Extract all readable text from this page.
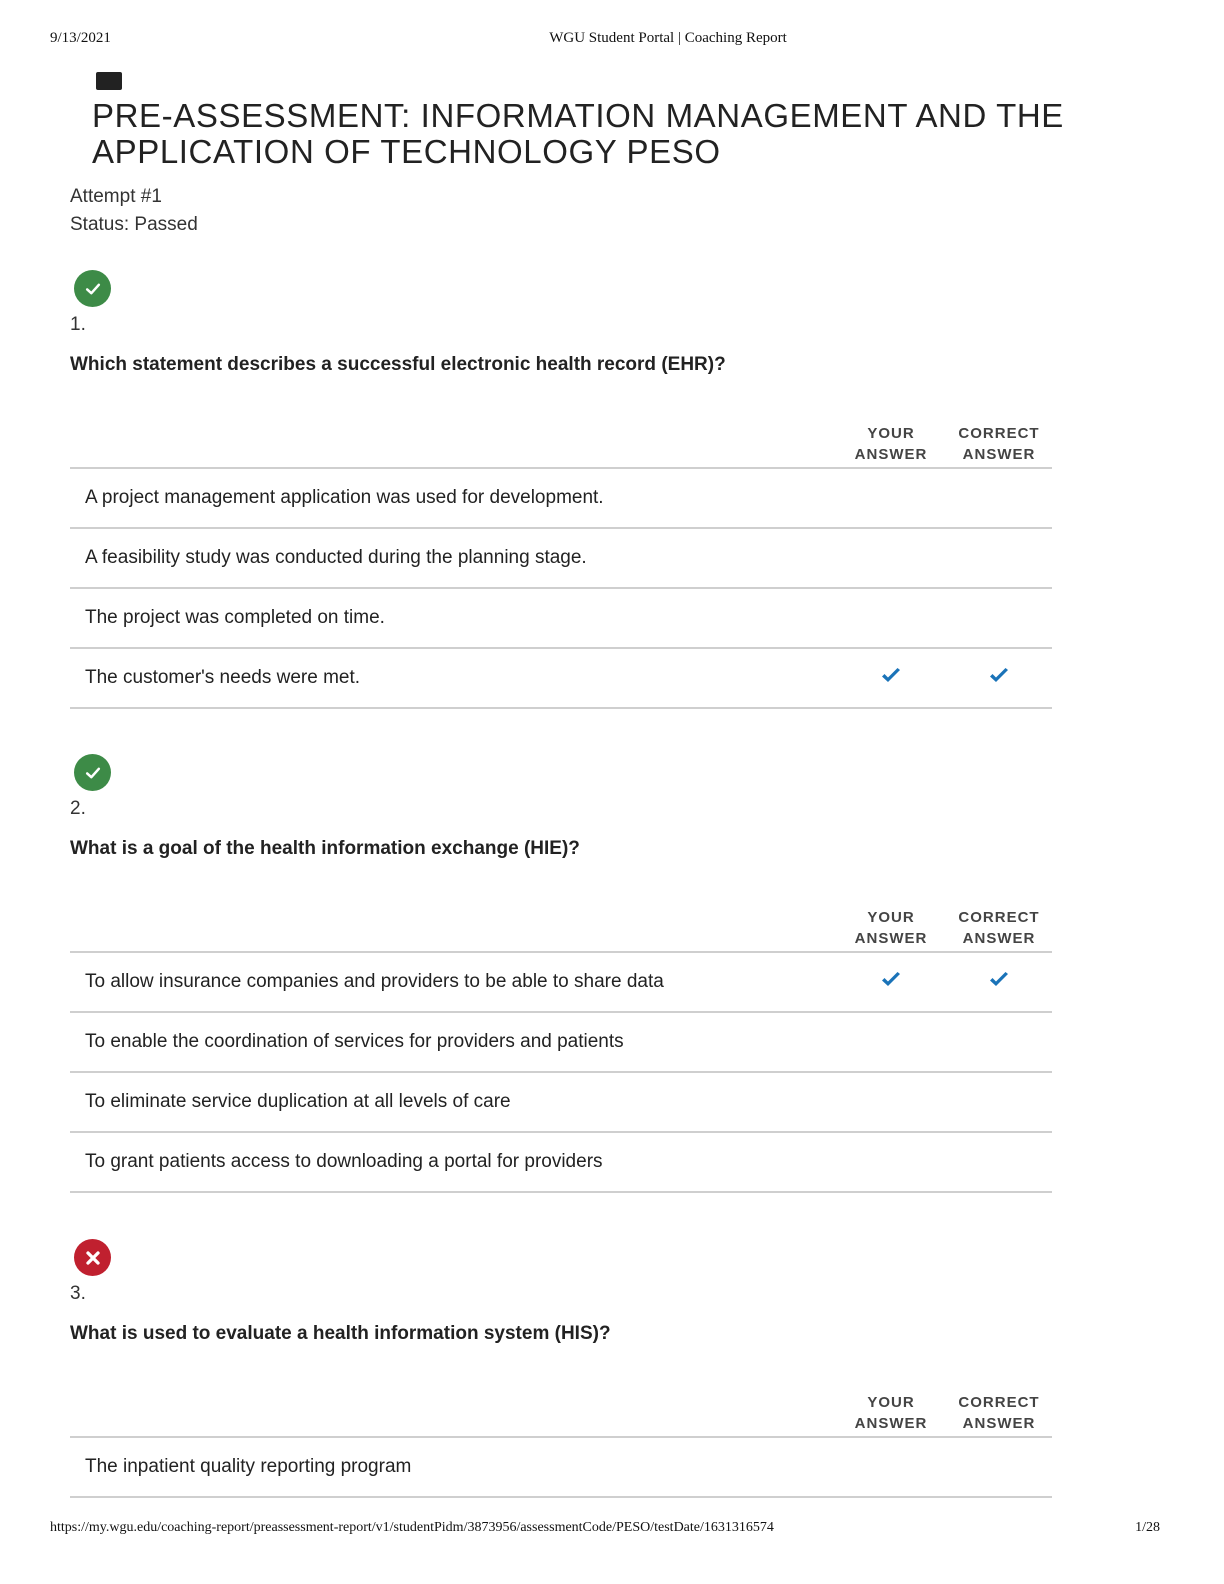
9/13/2021	WGU Student Portal | Coaching Report
PRE-ASSESSMENT: INFORMATION MANAGEMENT AND THE APPLICATION OF TECHNOLOGY PESO
Attempt #1
Status: Passed
1.
Which statement describes a successful electronic health record (EHR)?
YOUR
ANSWER
CORRECT
ANSWER
A project management application was used for development.
A feasibility study was conducted during the planning stage.
The project was completed on time.
The customer's needs were met.
2.
What is a goal of the health information exchange (HIE)?
YOUR
ANSWER
CORRECT
ANSWER
To allow insurance companies and providers to be able to share data
To enable the coordination of services for providers and patients
To eliminate service duplication at all levels of care
To grant patients access to downloading a portal for providers
3.
What is used to evaluate a health information system (HIS)?
YOUR
ANSWER
CORRECT
ANSWER
The inpatient quality reporting program
https://my.wgu.edu/coaching-report/preassessment-report/v1/studentPidm/3873956/assessmentCode/PESO/testDate/1631316574	1/28
